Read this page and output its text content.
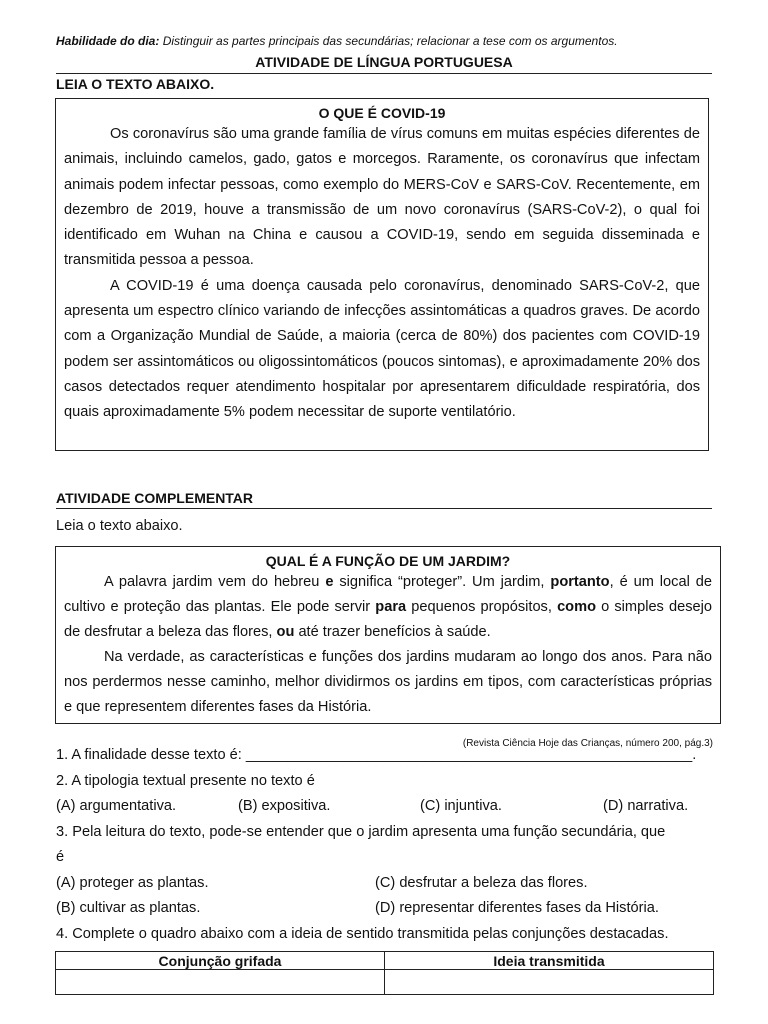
Habilidade do dia: Distinguir as partes principais das secundárias; relacionar a tese com os argumentos.
ATIVIDADE DE LÍNGUA PORTUGUESA
LEIA O TEXTO ABAIXO.
O QUE É COVID-19

Os coronavírus são uma grande família de vírus comuns em muitas espécies diferentes de animais, incluindo camelos, gado, gatos e morcegos. Raramente, os coronavírus que infectam animais podem infectar pessoas, como exemplo do MERS-CoV e SARS-CoV. Recentemente, em dezembro de 2019, houve a transmissão de um novo coronavírus (SARS-CoV-2), o qual foi identificado em Wuhan na China e causou a COVID-19, sendo em seguida disseminada e transmitida pessoa a pessoa.

A COVID-19 é uma doença causada pelo coronavírus, denominado SARS-CoV-2, que apresenta um espectro clínico variando de infecções assintomáticas a quadros graves. De acordo com a Organização Mundial de Saúde, a maioria (cerca de 80%) dos pacientes com COVID-19 podem ser assintomáticos ou oligossintomáticos (poucos sintomas), e aproximadamente 20% dos casos detectados requer atendimento hospitalar por apresentarem dificuldade respiratória, dos quais aproximadamente 5% podem necessitar de suporte ventilatório.

ATIVIDADE COMPLEMENTAR
Leia o texto abaixo.
QUAL É A FUNÇÃO DE UM JARDIM?

A palavra jardim vem do hebreu e significa “proteger”. Um jardim, portanto, é um local de cultivo e proteção das plantas. Ele pode servir para pequenos propósitos, como o simples desejo de desfrutar a beleza das flores, ou até trazer benefícios à saúde.

Na verdade, as características e funções dos jardins mudaram ao longo dos anos. Para não nos perdermos nesse caminho, melhor dividirmos os jardins em tipos, com características próprias e que representem diferentes fases da História.

(Revista Ciência Hoje das Crianças, número 200, pág.3)
1. A finalidade desse texto é: _______________________________________________________.
2. A tipologia textual presente no texto é
(A) argumentativa.	(B) expositiva.	(C) injuntiva.	(D) narrativa.
3. Pela leitura do texto, pode-se entender que o jardim apresenta uma função secundária, que
é
(A) proteger as plantas.	(C) desfrutar a beleza das flores.
(B) cultivar as plantas.	(D) representar diferentes fases da História.
4. Complete o quadro abaixo com a ideia de sentido transmitida pelas conjunções destacadas.
Conjunção grifada	Ideia transmitida
